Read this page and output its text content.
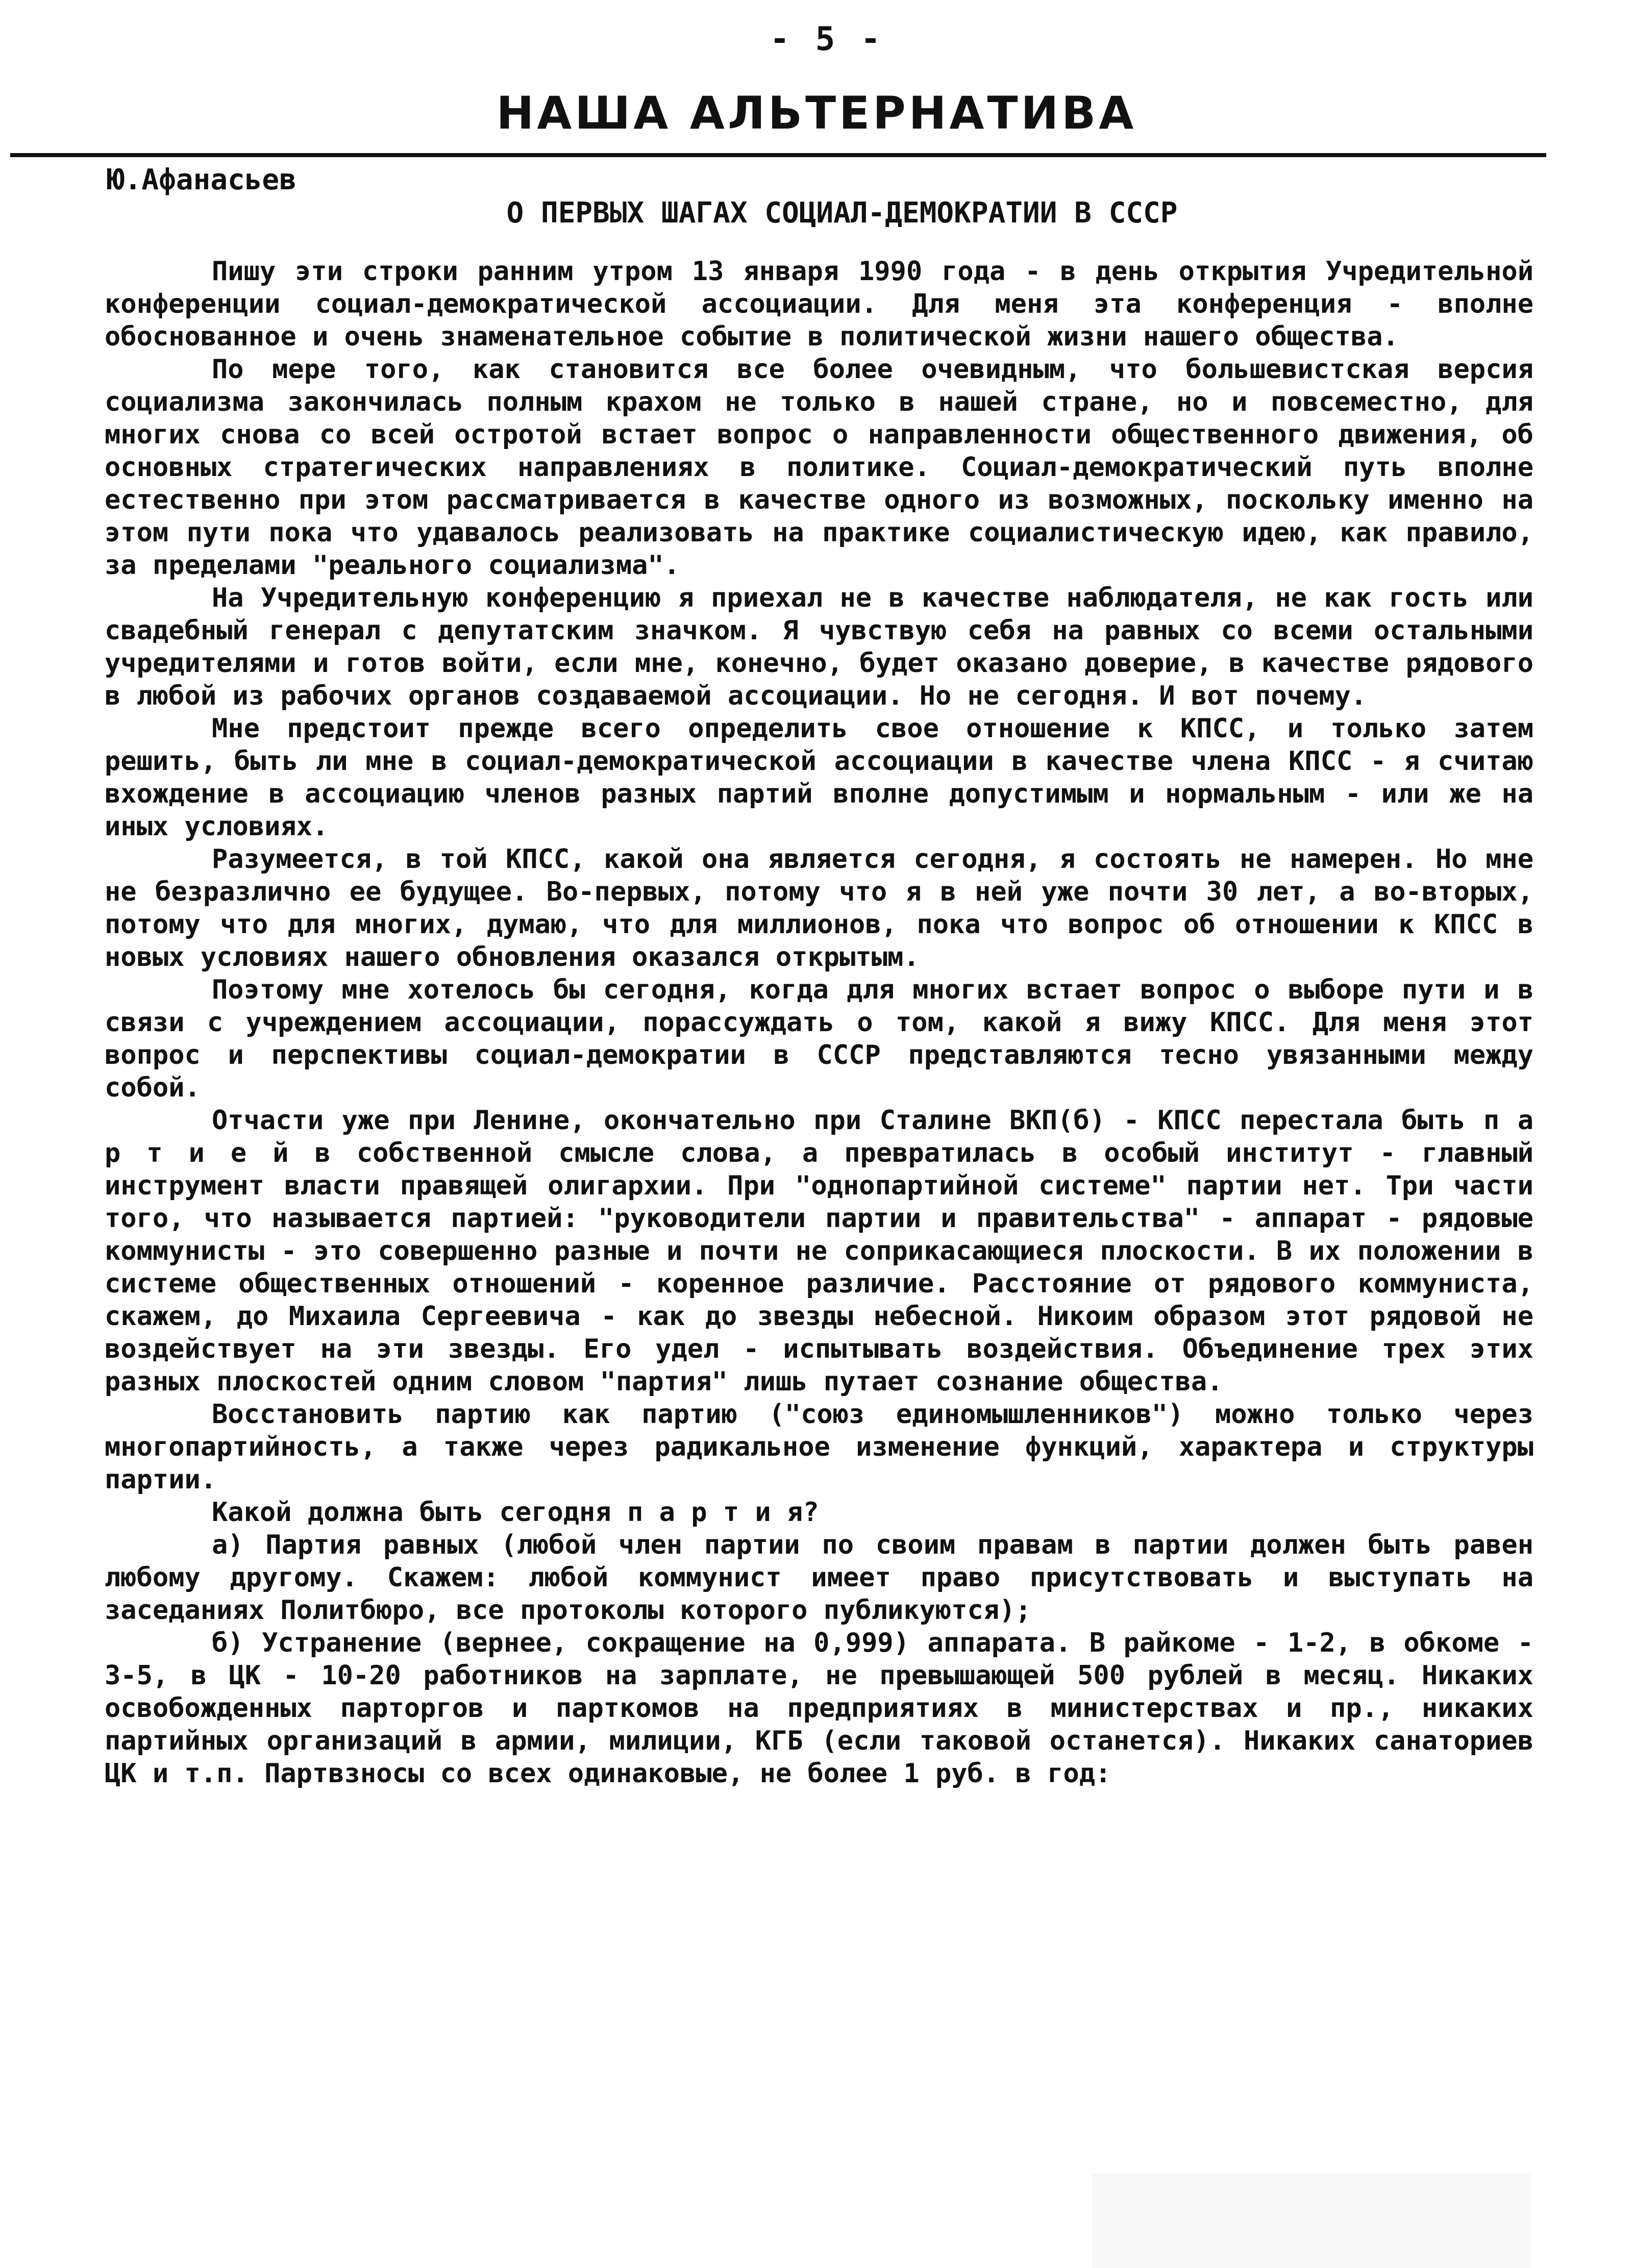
- 5 -
НАША АЛЬТЕРНАТИВА
Ю.Афанасьев
О ПЕРВЫХ ШАГАХ СОЦИАЛ-ДЕМОКРАТИИ В СССР

Пишу эти строки ранним утром 13 января 1990 года - в день открытия Учредительной конференции социал-демократической ассоциации. Для меня эта конференция - вполне обоснованное и очень знаменательное событие в политической жизни нашего общества.

По мере того, как становится все более очевидным, что большевистская версия социализма закончилась полным крахом не только в нашей стране, но и повсеместно, для многих снова со всей остротой встает вопрос о направленности общественного движения, об основных стратегических направлениях в политике. Социал-демократический путь вполне естественно при этом рассматривается в качестве одного из возможных, поскольку именно на этом пути пока что удавалось реализовать на практике социалистическую идею, как правило, за пределами "реального социализма".

На Учредительную конференцию я приехал не в качестве наблюдателя, не как гость или свадебный генерал с депутатским значком. Я чувствую себя на равных со всеми остальными учредителями и готов войти, если мне, конечно, будет оказано доверие, в качестве рядового в любой из рабочих органов создаваемой ассоциации. Но не сегодня. И вот почему.

Мне предстоит прежде всего определить свое отношение к КПСС, и только затем решить, быть ли мне в социал-демократической ассоциации в качестве члена КПСС - я считаю вхождение в ассоциацию членов разных партий вполне допустимым и нормальным - или же на иных условиях.

Разумеется, в той КПСС, какой она является сегодня, я состоять не намерен. Но мне не безразлично ее будущее. Во-первых, потому что я в ней уже почти 30 лет, а во-вторых, потому что для многих, думаю, что для миллионов, пока что вопрос об отношении к КПСС в новых условиях нашего обновления оказался открытым.

Поэтому мне хотелось бы сегодня, когда для многих встает вопрос о выборе пути и в связи с учреждением ассоциации, порассуждать о том, какой я вижу КПСС. Для меня этот вопрос и перспективы социал-демократии в СССР представляются тесно увязанными между собой.

Отчасти уже при Ленине, окончательно при Сталине ВКП(б) - КПСС перестала быть п а р т и е й в собственной смысле слова, а превратилась в особый институт - главный инструмент власти правящей олигархии. При "однопартийной системе" партии нет. Три части того, что называется партией: "руководители партии и правительства" - аппарат - рядовые коммунисты - это совершенно разные и почти не соприкасающиеся плоскости. В их положении в системе общественных отношений - коренное различие. Расстояние от рядового коммуниста, скажем, до Михаила Сергеевича - как до звезды небесной. Никоим образом этот рядовой не воздействует на эти звезды. Его удел - испытывать воздействия. Объединение трех этих разных плоскостей одним словом "партия" лишь путает сознание общества.

Восстановить партию как партию ("союз единомышленников") можно только через многопартийность, а также через радикальное изменение функций, характера и структуры партии.

Какой должна быть сегодня п а р т и я?

а) Партия равных (любой член партии по своим правам в партии должен быть равен любому другому. Скажем: любой коммунист имеет право присутствовать и выступать на заседаниях Политбюро, все протоколы которого публикуются);

б) Устранение (вернее, сокращение на 0,999) аппарата. В райкоме - 1-2, в обкоме - 3-5, в ЦК - 10-20 работников на зарплате, не превышающей 500 рублей в месяц. Никаких освобожденных парторгов и парткомов на предприятиях в министерствах и пр., никаких партийных организаций в армии, милиции, КГБ (если таковой останется). Никаких санаториев ЦК и т.п. Партвзносы со всех одинаковые, не более 1 руб. в год:
